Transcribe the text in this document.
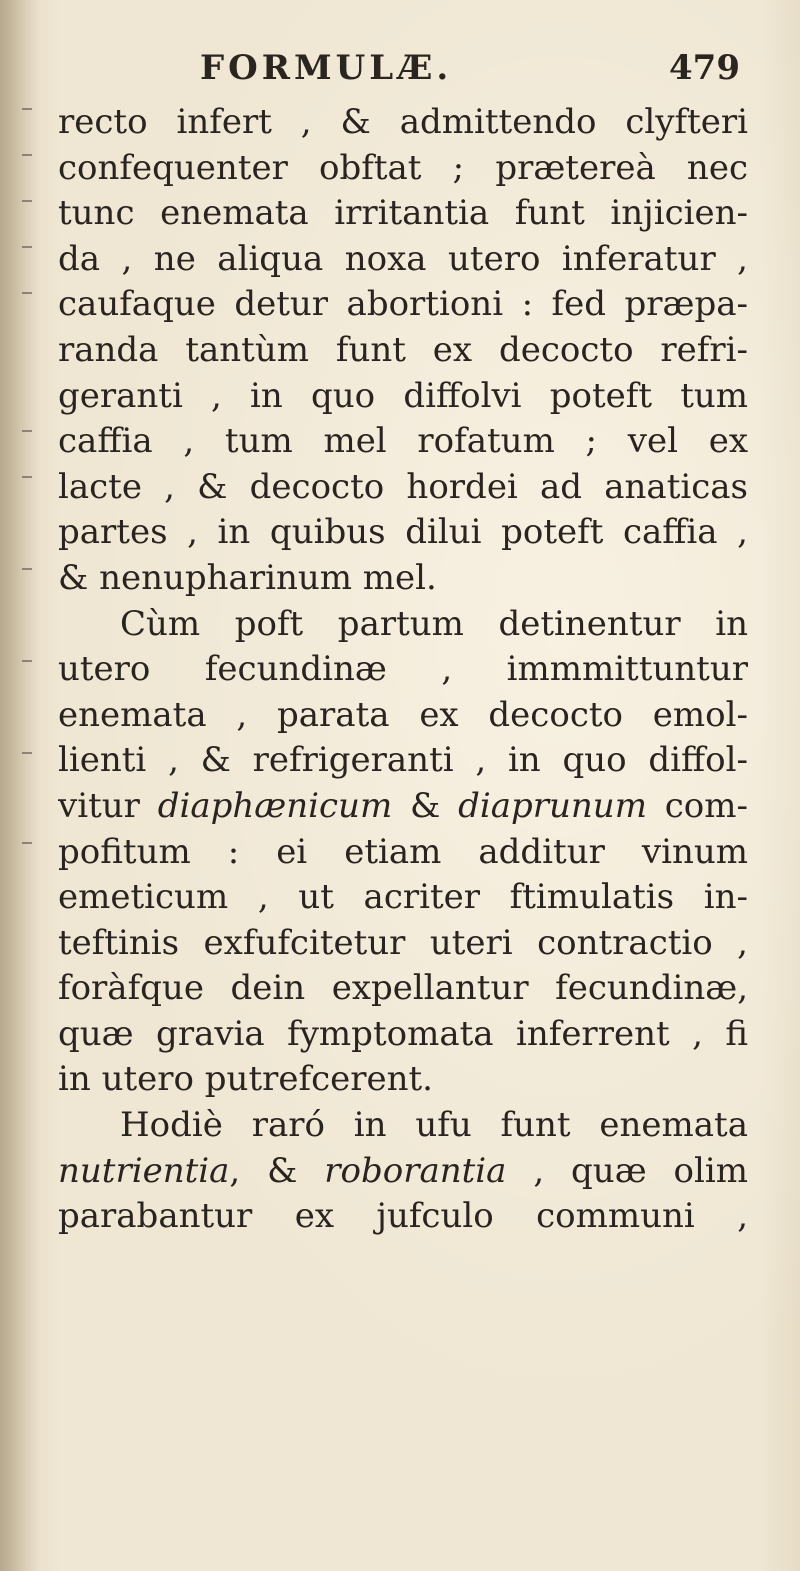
FORMULÆ.	479
recto infert , & admittendo clyfteri
confequenter obftat ; prætereà nec
tunc enemata irritantia funt injicien-
da , ne aliqua noxa utero inferatur ,
caufaque detur abortioni : fed præpa-
randa tantùm funt ex decocto refri-
geranti , in quo diffolvi poteft tum
caffia , tum mel rofatum ; vel ex
lacte , & decocto hordei ad anaticas
partes , in quibus dilui poteft caffia ,
& nenupharinum mel.
Cùm poft partum detinentur in
utero fecundinæ , immmittuntur
enemata , parata ex decocto emol-
lienti , & refrigeranti , in quo diffol-
vitur diaphænicum & diaprunum com-
pofitum : ei etiam additur vinum
emeticum , ut acriter ftimulatis in-
teftinis exfufcitetur uteri contractio ,
foràfque dein expellantur fecundinæ,
quæ gravia fymptomata inferrent , fi
in utero putrefcerent.
Hodiè raró in ufu funt enemata
nutrientia, & roborantia , quæ olim
parabantur ex jufculo communi ,
